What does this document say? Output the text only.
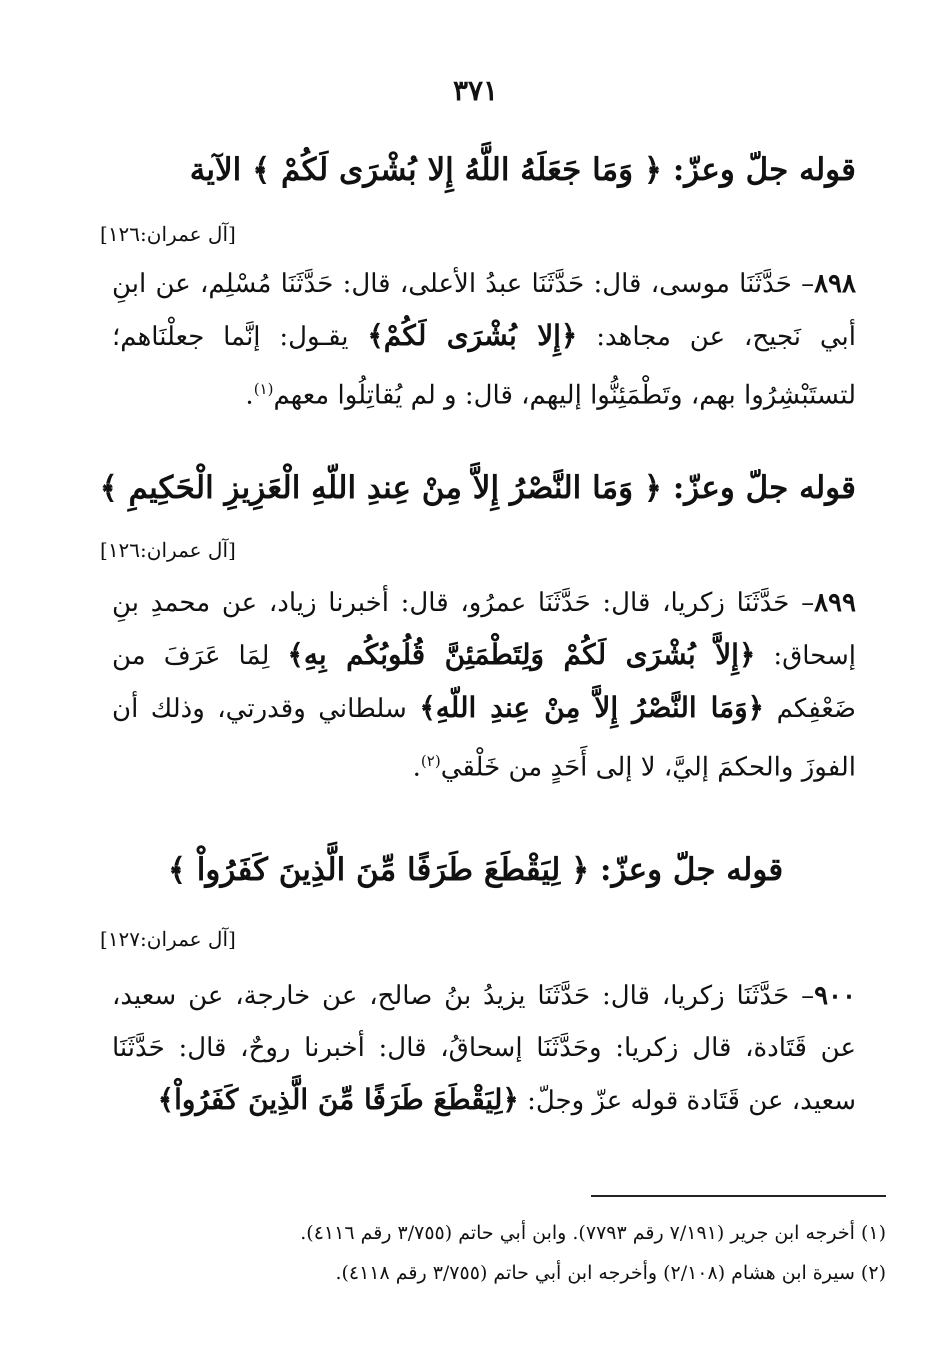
٣٧١
قوله جلّ وعزّ: ﴿ وَمَا جَعَلَهُ اللَّهُ إِلا بُشْرَى لَكُمْ ﴾ الآية
[آل عمران:١٢٦]
٨٩٨– حَدَّثَنَا موسى، قال: حَدَّثَنَا عبدُ الأعلى، قال: حَدَّثَنَا مُسْلِم، عن ابنِ أبي نَجيح، عن مجاهد: ﴿إِلا بُشْرَى لَكُمْ﴾ يقـول: إنَّما جعلْنَاهم؛ لتستَبْشِرُوا بهم، وتَطْمَئِنُّوا إليهم، قال: و لم يُقاتِلُوا معهم$^{(١)}$.
قوله جلّ وعزّ: ﴿ وَمَا النَّصْرُ إِلاَّ مِنْ عِندِ اللّهِ الْعَزِيزِ الْحَكِيمِ ﴾
[آل عمران:١٢٦]
٨٩٩– حَدَّثَنَا زكريا، قال: حَدَّثَنَا عمرُو، قال: أخبرنا زياد، عن محمدِ بنِ إسحاق: ﴿إِلاَّ بُشْرَى لَكُمْ وَلِتَطْمَئِنَّ قُلُوبُكُم بِهِ﴾ لِمَا عَرَفَ من ضَعْفِكم ﴿وَمَا النَّصْرُ إِلاَّ مِنْ عِندِ اللّهِ﴾ سلطاني وقدرتي، وذلك أن الفوزَ والحكمَ إليَّ، لا إلى أَحَدٍ من خَلْقي$^{(٢)}$.
قوله جلّ وعزّ: ﴿ لِيَقْطَعَ طَرَفًا مِّنَ الَّذِينَ كَفَرُواْ ﴾
[آل عمران:١٢٧]
٩٠٠– حَدَّثَنَا زكريا، قال: حَدَّثَنَا يزيدُ بنُ صالح، عن خارجة، عن سعيد، عن قَتَادة، قال زكريا: وحَدَّثَنَا إسحاقُ، قال: أخبرنا روحٌ، قال: حَدَّثَنَا سعيد، عن قَتَادة قوله عزّ وجلّ: ﴿لِيَقْطَعَ طَرَفًا مِّنَ الَّذِينَ كَفَرُواْ﴾
(١) أخرجه ابن جرير (٧/١٩١ رقم ٧٧٩٣). وابن أبي حاتم (٣/٧٥٥ رقم ٤١١٦).
(٢) سيرة ابن هشام (٢/١٠٨) وأخرجه ابن أبي حاتم (٣/٧٥٥ رقم ٤١١٨).
